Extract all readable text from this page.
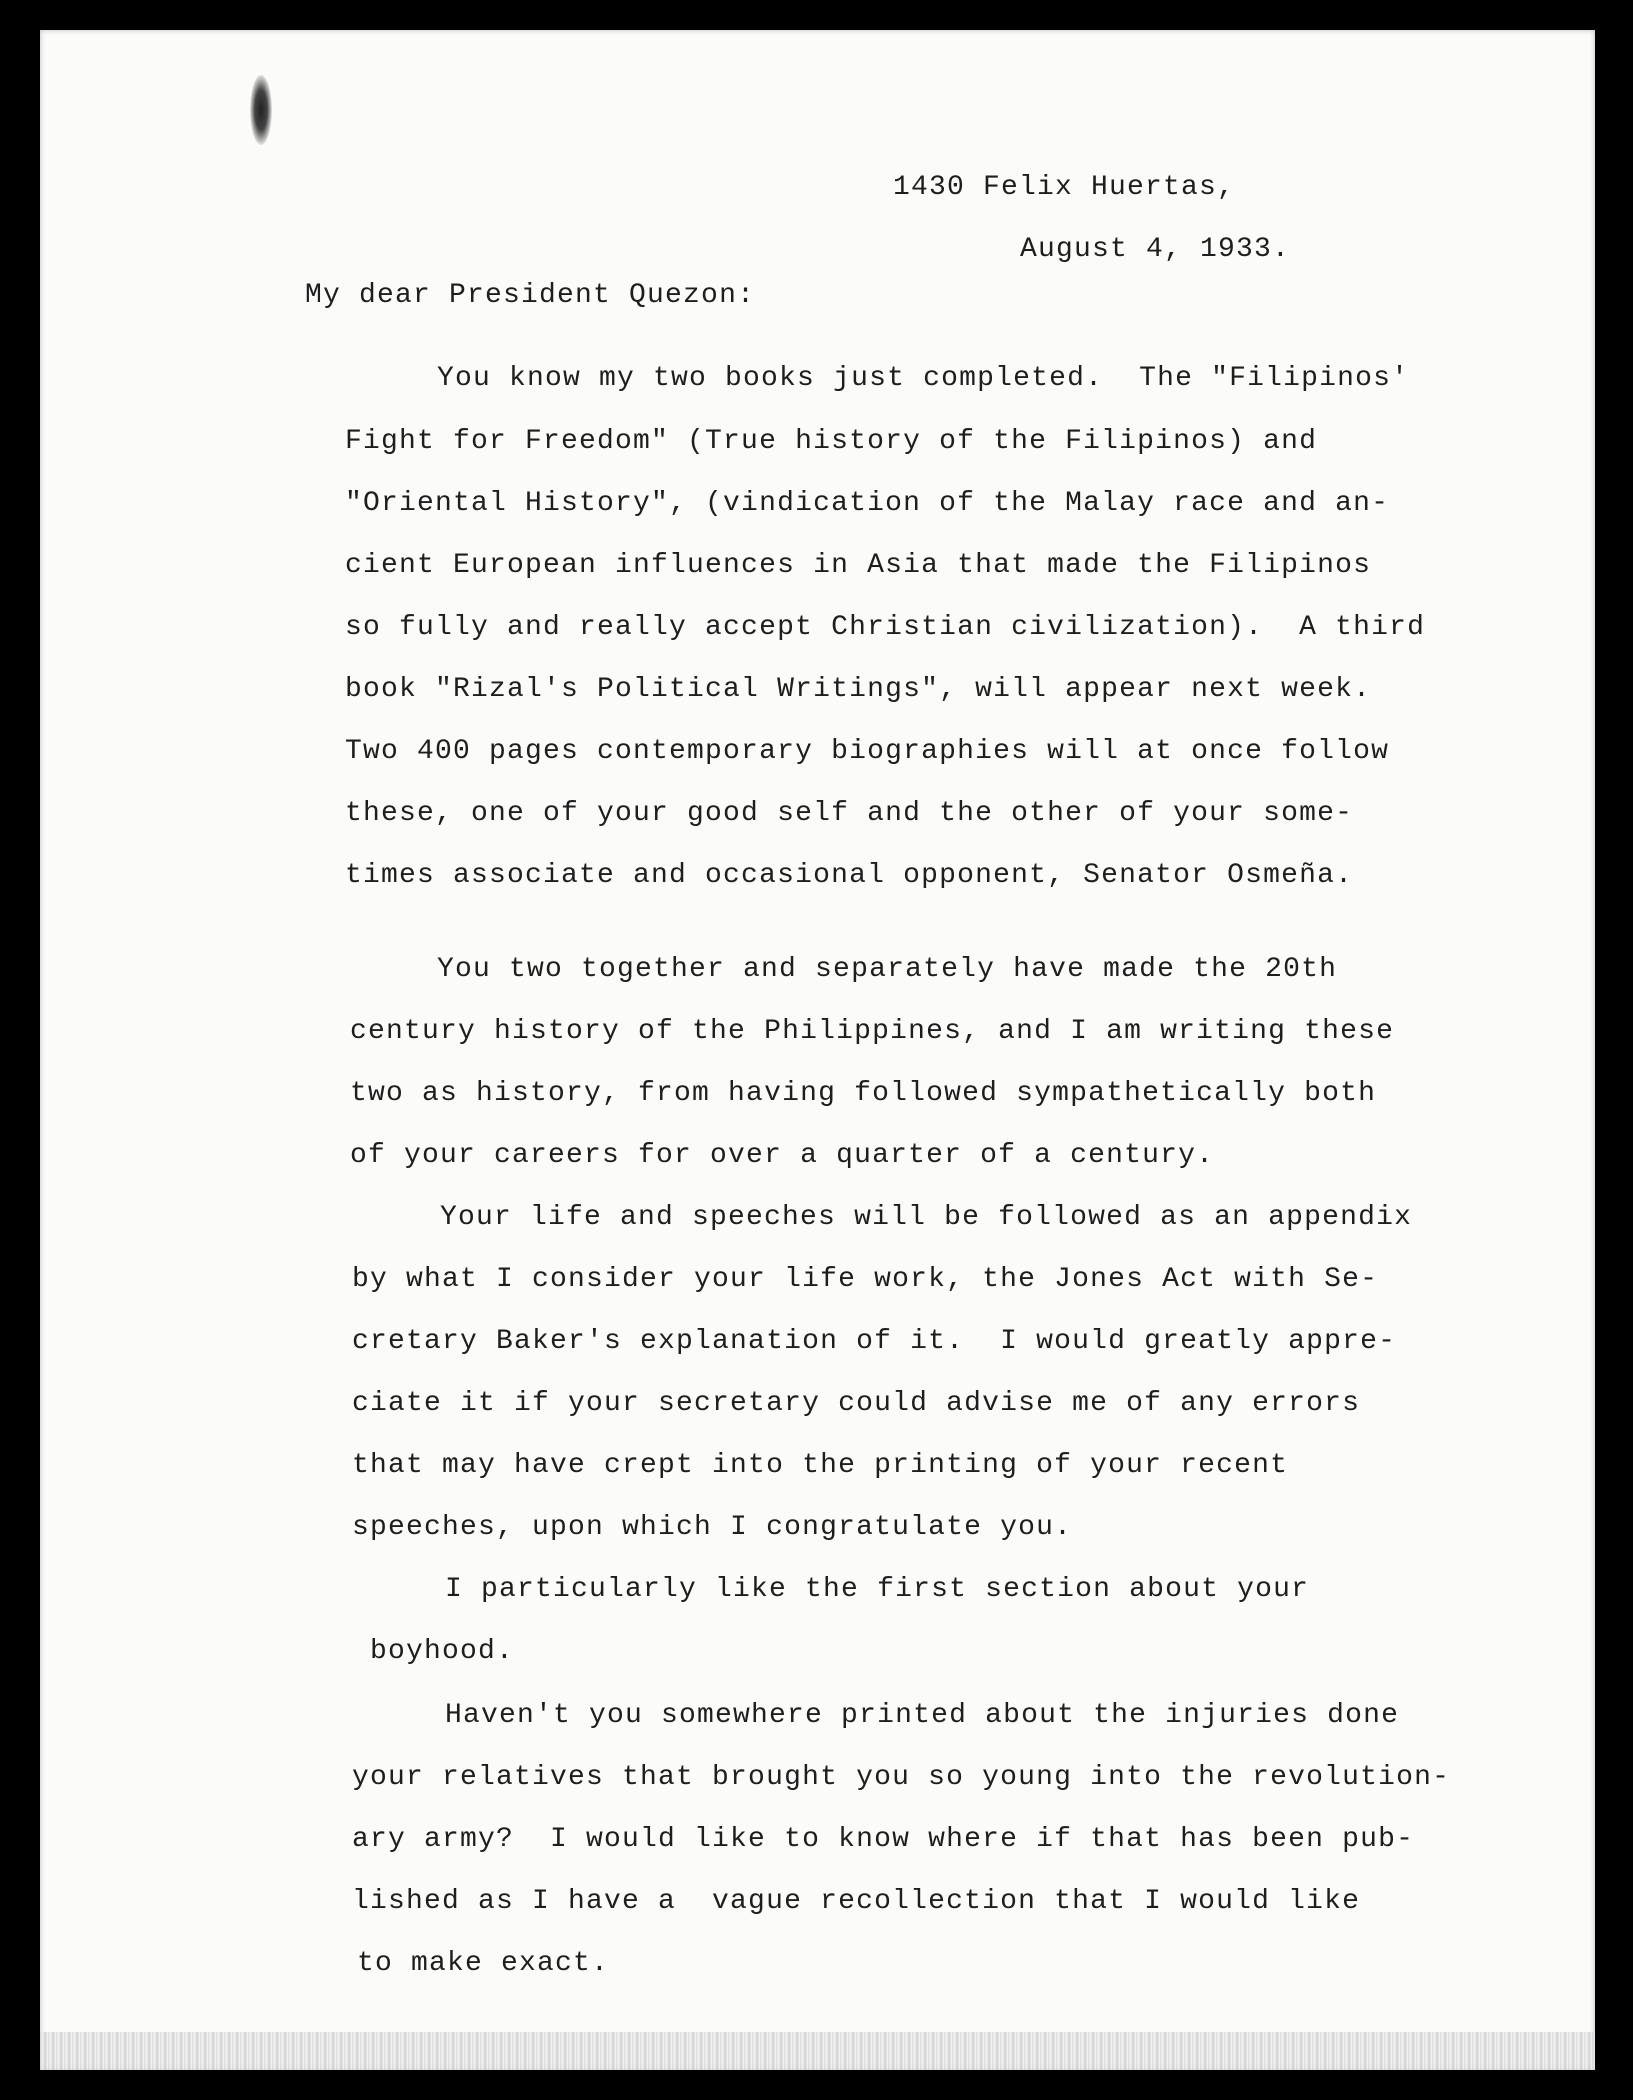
1430 Felix Huertas,

August 4, 1933.

My dear President Quezon:

You know my two books just completed.  The "Filipinos'

Fight for Freedom" (True history of the Filipinos) and

"Oriental History", (vindication of the Malay race and an-

cient European influences in Asia that made the Filipinos

so fully and really accept Christian civilization).  A third

book "Rizal's Political Writings", will appear next week.

Two 400 pages contemporary biographies will at once follow

these, one of your good self and the other of your some-

times associate and occasional opponent, Senator Osmeña.

You two together and separately have made the 20th

century history of the Philippines, and I am writing these

two as history, from having followed sympathetically both

of your careers for over a quarter of a century.

Your life and speeches will be followed as an appendix

by what I consider your life work, the Jones Act with Se-

cretary Baker's explanation of it.  I would greatly appre-

ciate it if your secretary could advise me of any errors

that may have crept into the printing of your recent

speeches, upon which I congratulate you.

I particularly like the first section about your

boyhood.

Haven't you somewhere printed about the injuries done

your relatives that brought you so young into the revolution-

ary army?  I would like to know where if that has been pub-

lished as I have a  vague recollection that I would like

to make exact.
